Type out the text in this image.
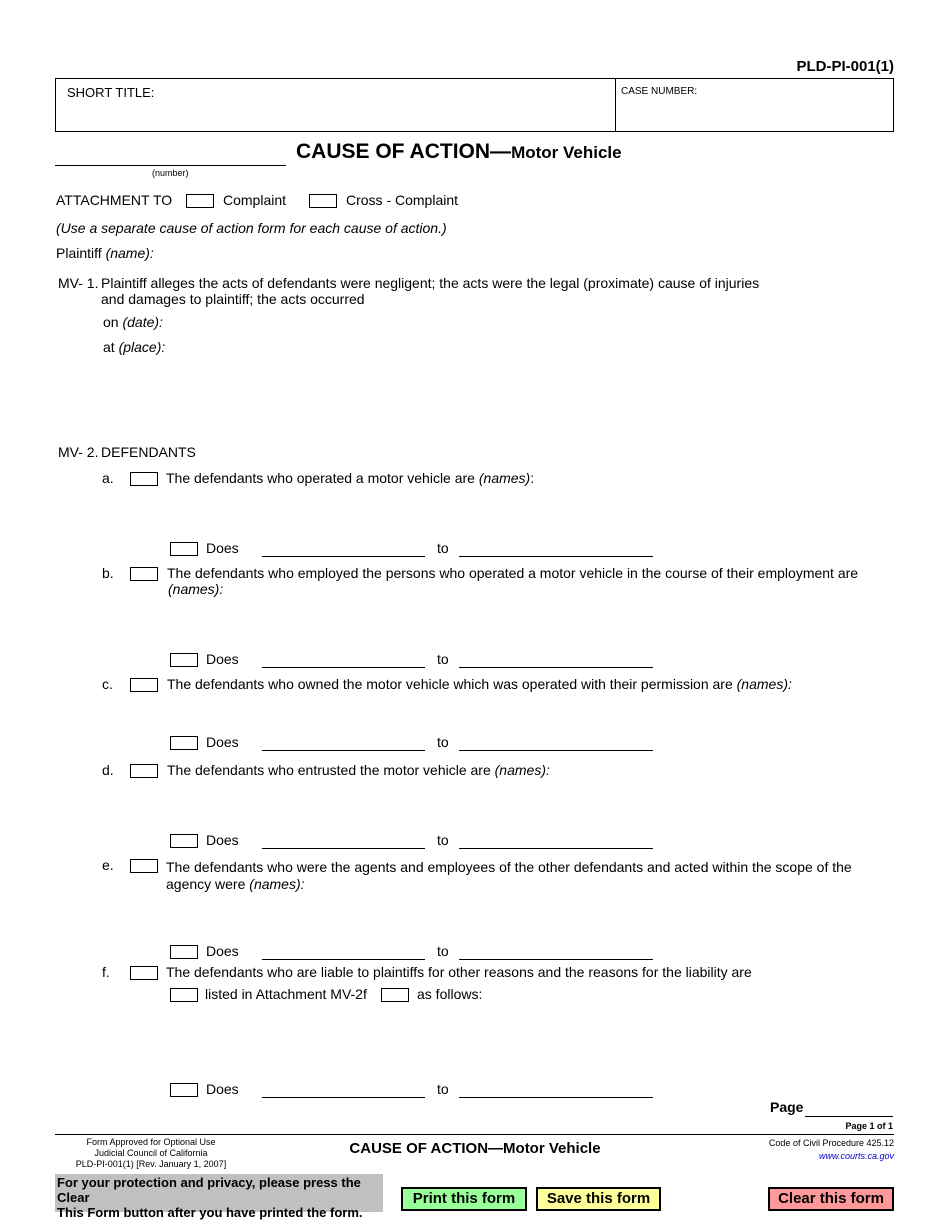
PLD-PI-001(1)
SHORT TITLE:	CASE NUMBER:
(number)
CAUSE OF ACTION—Motor Vehicle
ATTACHMENT TO	Complaint	Cross - Complaint
(Use a separate cause of action form for each cause of action.)
Plaintiff (name):
MV- 1. Plaintiff alleges the acts of defendants were negligent; the acts were the legal (proximate) cause of injuries
and damages to plaintiff; the acts occurred
on (date):
at (place):
MV- 2. DEFENDANTS
a.	The defendants who operated a motor vehicle are (names):
Does	to
b.	The defendants who employed the persons who operated a motor vehicle in the course of their employment are
(names):
Does	to
c.	The defendants who owned the motor vehicle which was operated with their permission are (names):
Does	to
d.	The defendants who entrusted the motor vehicle are (names):
Does	to
e.	The defendants who were the agents and employees of the other defendants and acted within the scope of the
agency were (names):
Does	to
f.	The defendants who are liable to plaintiffs for other reasons and the reasons for the liability are
listed in Attachment MV-2f	as follows:
Does	to
Page
Page 1 of 1
Form Approved for Optional Use
Judicial Council of California
PLD-PI-001(1) [Rev. January 1, 2007]
CAUSE OF ACTION—Motor Vehicle	Code of Civil Procedure 425.12
www.courts.ca.gov
For your protection and privacy, please press the Clear
This Form button after you have printed the form.
Print this form	Save this form	Clear this form
